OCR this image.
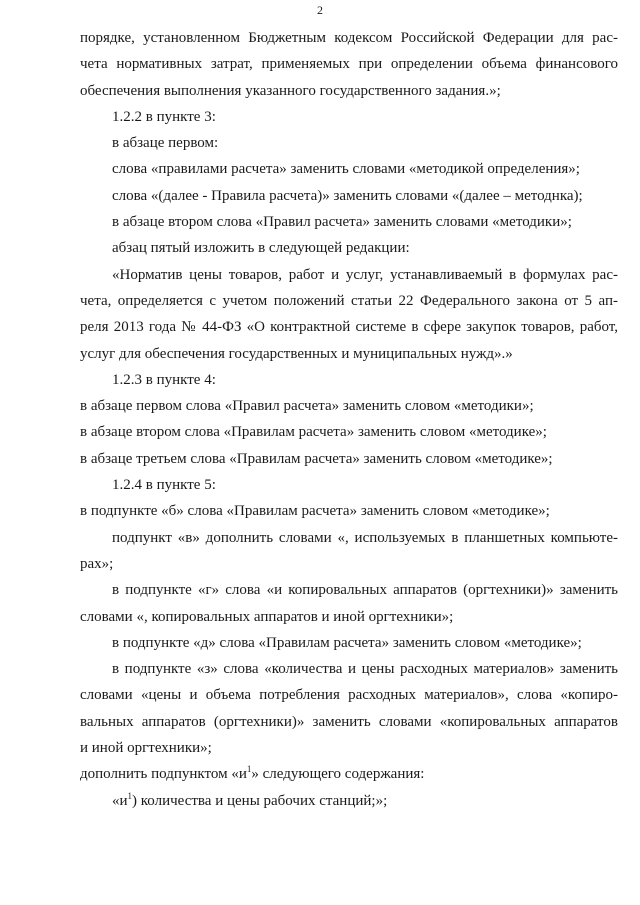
2
порядке, установленном Бюджетным кодексом Российской Федерации для рас-
чета нормативных затрат, применяемых при определении объема финансового
обеспечения выполнения указанного государственного задания.»;
1.2.2 в пункте 3:
в абзаце первом:
слова «правилами расчета» заменить словами «методикой определения»;
слова «(далее - Правила расчета)» заменить словами «(далее – методнка);
в абзаце втором слова «Правил расчета» заменить словами «методики»;
абзац пятый изложить в следующей редакции:
«Норматив цены товаров, работ и услуг, устанавливаемый в формулах рас-
чета, определяется с учетом положений статьи 22 Федерального закона от 5 ап-
реля 2013 года № 44-ФЗ «О контрактной системе в сфере закупок товаров, работ,
услуг для обеспечения государственных и муниципальных нужд».»
1.2.3 в пункте 4:
в абзаце первом слова «Правил расчета» заменить словом «методики»;
в абзаце втором слова «Правилам расчета» заменить словом «методике»;
в абзаце третьем слова «Правилам расчета» заменить словом «методике»;
1.2.4 в пункте 5:
в подпункте «б» слова «Правилам расчета» заменить словом «методике»;
подпункт «в» дополнить словами «, используемых в планшетных компьюте-
рах»;
в подпункте «г» слова «и копировальных аппаратов (оргтехники)» заменить
словами «, копировальных аппаратов и иной оргтехники»;
в подпункте «д» слова «Правилам расчета» заменить словом «методике»;
в подпункте «з» слова «количества и цены расходных материалов» заменить
словами «цены и объема потребления расходных материалов», слова «копиро-
вальных аппаратов (оргтехники)» заменить словами «копировальных аппаратов
и иной оргтехники»;
дополнить подпунктом «$и^1$» следующего содержания:
«$и^1$) количества и цены рабочих станций;»;
